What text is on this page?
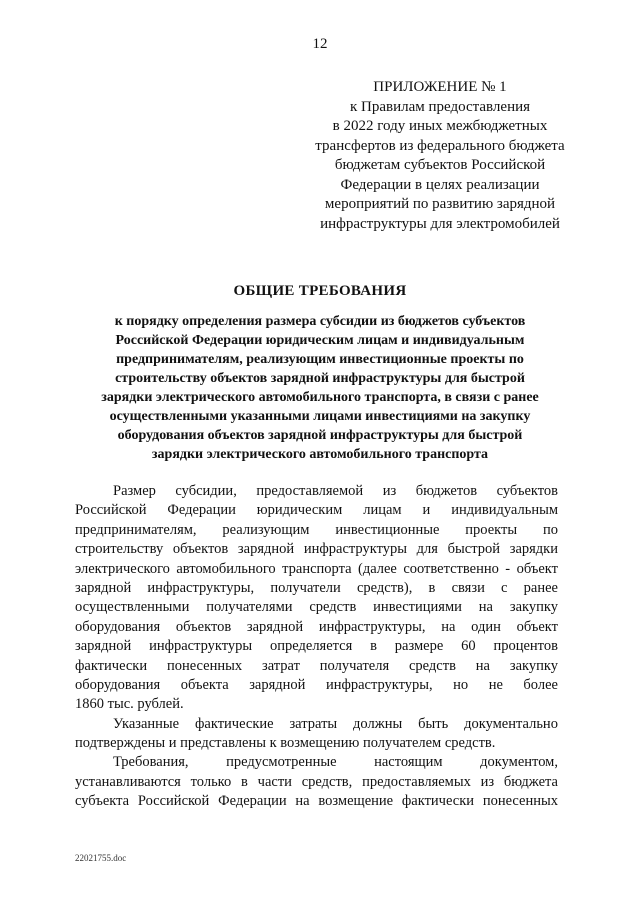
12
ПРИЛОЖЕНИЕ № 1
к Правилам предоставления
в 2022 году иных межбюджетных
трансфертов из федерального бюджета
бюджетам субъектов Российской
Федерации в целях реализации
мероприятий по развитию зарядной
инфраструктуры для электромобилей
ОБЩИЕ ТРЕБОВАНИЯ
к порядку определения размера субсидии из бюджетов субъектов
Российской Федерации юридическим лицам и индивидуальным
предпринимателям, реализующим инвестиционные проекты по
строительству объектов зарядной инфраструктуры для быстрой
зарядки электрического автомобильного транспорта, в связи с ранее
осуществленными указанными лицами инвестициями на закупку
оборудования объектов зарядной инфраструктуры для быстрой
зарядки электрического автомобильного транспорта
Размер субсидии, предоставляемой из бюджетов субъектов
Российской Федерации юридическим лицам и индивидуальным
предпринимателям, реализующим инвестиционные проекты по
строительству объектов зарядной инфраструктуры для быстрой зарядки
электрического автомобильного транспорта (далее соответственно - объект
зарядной инфраструктуры, получатели средств), в связи с ранее
осуществленными получателями средств инвестициями на закупку
оборудования объектов зарядной инфраструктуры, на один объект
зарядной инфраструктуры определяется в размере 60 процентов
фактически понесенных затрат получателя средств на закупку
оборудования объекта зарядной инфраструктуры, но не более
1860 тыс. рублей.
Указанные фактические затраты должны быть документально
подтверждены и представлены к возмещению получателем средств.
Требования,	предусмотренные	настоящим	документом,
устанавливаются только в части средств, предоставляемых из бюджета
субъекта Российской Федерации на возмещение фактически понесенных
22021755.doc
